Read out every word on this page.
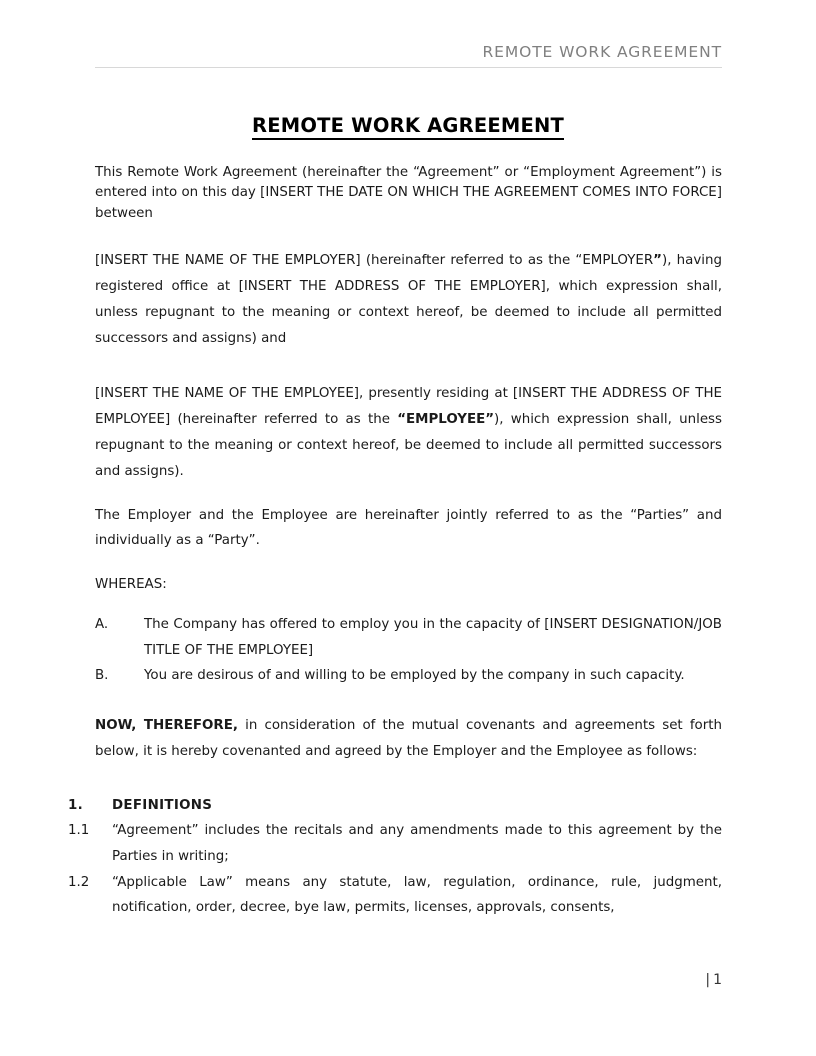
REMOTE WORK AGREEMENT
REMOTE WORK AGREEMENT

This Remote Work Agreement (hereinafter the “Agreement” or “Employment Agreement”) is entered into on this day [INSERT THE DATE ON WHICH THE AGREEMENT COMES INTO FORCE] between

[INSERT THE NAME OF THE EMPLOYER] (hereinafter referred to as the “EMPLOYER”), having registered office at [INSERT THE ADDRESS OF THE EMPLOYER], which expression shall, unless repugnant to the meaning or context hereof, be deemed to include all permitted successors and assigns) and

[INSERT THE NAME OF THE EMPLOYEE], presently residing at [INSERT THE ADDRESS OF THE EMPLOYEE] (hereinafter referred to as the “EMPLOYEE”), which expression shall, unless repugnant to the meaning or context hereof, be deemed to include all permitted successors and assigns).

The Employer and the Employee are hereinafter jointly referred to as the “Parties” and individually as a “Party”.

WHEREAS:

A.	The Company has offered to employ you in the capacity of [INSERT DESIGNATION/JOB TITLE OF THE EMPLOYEE]
B.	You are desirous of and willing to be employed by the company in such capacity.

NOW, THEREFORE, in consideration of the mutual covenants and agreements set forth below, it is hereby covenanted and agreed by the Employer and the Employee as follows:

1.	DEFINITIONS
1.1	“Agreement” includes the recitals and any amendments made to this agreement by the Parties in writing;
1.2	“Applicable Law” means any statute, law, regulation, ordinance, rule, judgment, notification, order, decree, bye law, permits, licenses, approvals, consents,
| 1
